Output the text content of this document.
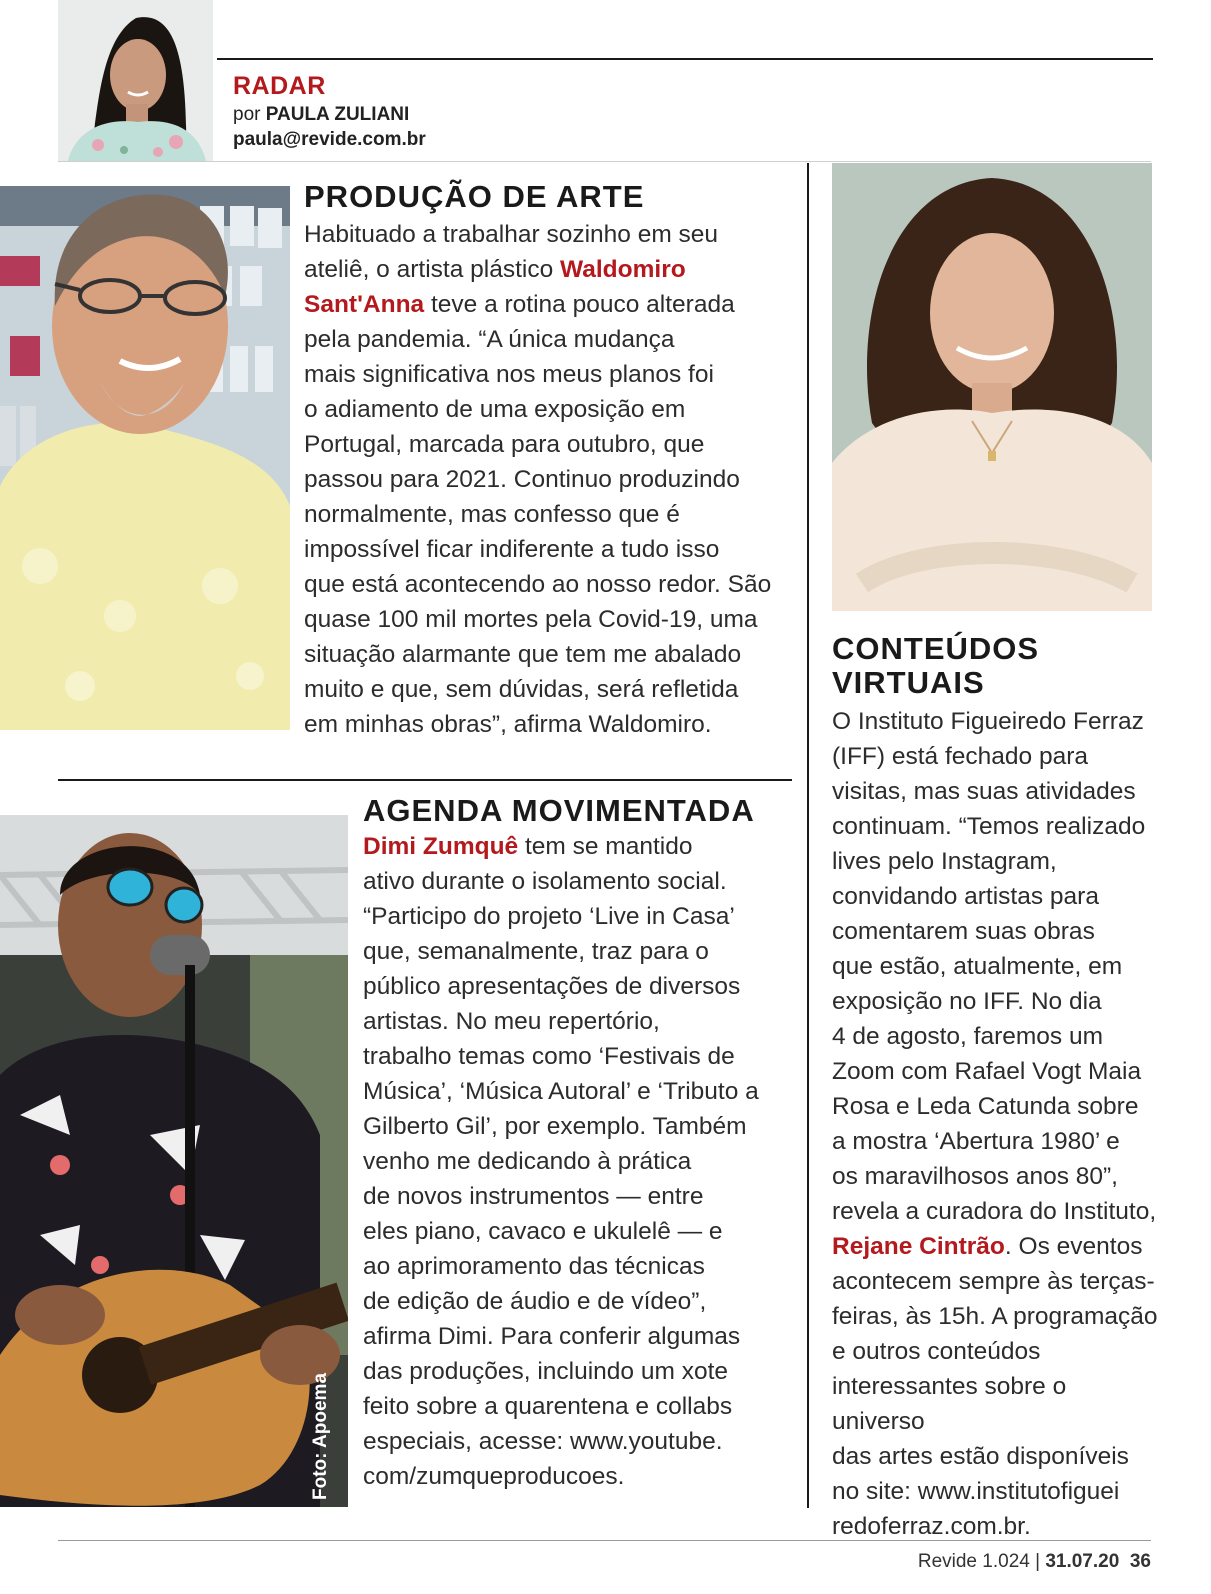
RADAR
por PAULA ZULIANI
paula@revide.com.br
PRODUÇÃO DE ARTE
Habituado a trabalhar sozinho em seu
ateliê, o artista plástico Waldomiro
Sant'Anna teve a rotina pouco alterada
pela pandemia. “A única mudança
mais significativa nos meus planos foi
o adiamento de uma exposição em
Portugal, marcada para outubro, que
passou para 2021. Continuo produzindo
normalmente, mas confesso que é
impossível ficar indiferente a tudo isso
que está acontecendo ao nosso redor. São
quase 100 mil mortes pela Covid-19, uma
situação alarmante que tem me abalado
muito e que, sem dúvidas, será refletida
em minhas obras”, afirma Waldomiro.
Foto: Apoema
AGENDA MOVIMENTADA
Dimi Zumquê tem se mantido
ativo durante o isolamento social.
“Participo do projeto ‘Live in Casa’
que, semanalmente, traz para o
público apresentações de diversos
artistas. No meu repertório,
trabalho temas como ‘Festivais de
Música’, ‘Música Autoral’ e ‘Tributo a
Gilberto Gil’, por exemplo. Também
venho me dedicando à prática
de novos instrumentos — entre
eles piano, cavaco e ukulelê — e
ao aprimoramento das técnicas
de edição de áudio e de vídeo”,
afirma Dimi. Para conferir algumas
das produções, incluindo um xote
feito sobre a quarentena e collabs
especiais, acesse: www.youtube.
com/zumqueproducoes.
CONTEÚDOS
VIRTUAIS
O Instituto Figueiredo Ferraz
(IFF) está fechado para
visitas, mas suas atividades
continuam. “Temos realizado
lives pelo Instagram,
convidando artistas para
comentarem suas obras
que estão, atualmente, em
exposição no IFF. No dia
4 de agosto, faremos um
Zoom com Rafael Vogt Maia
Rosa e Leda Catunda sobre
a mostra ‘Abertura 1980’ e
os maravilhosos anos 80”,
revela a curadora do Instituto,
Rejane Cintrão. Os eventos
acontecem sempre às terças-
feiras, às 15h. A programação
e outros conteúdos
interessantes sobre o universo
das artes estão disponíveis
no site: www.institutofiguei
redoferraz.com.br.
Revide 1.024 | 31.07.20 36
